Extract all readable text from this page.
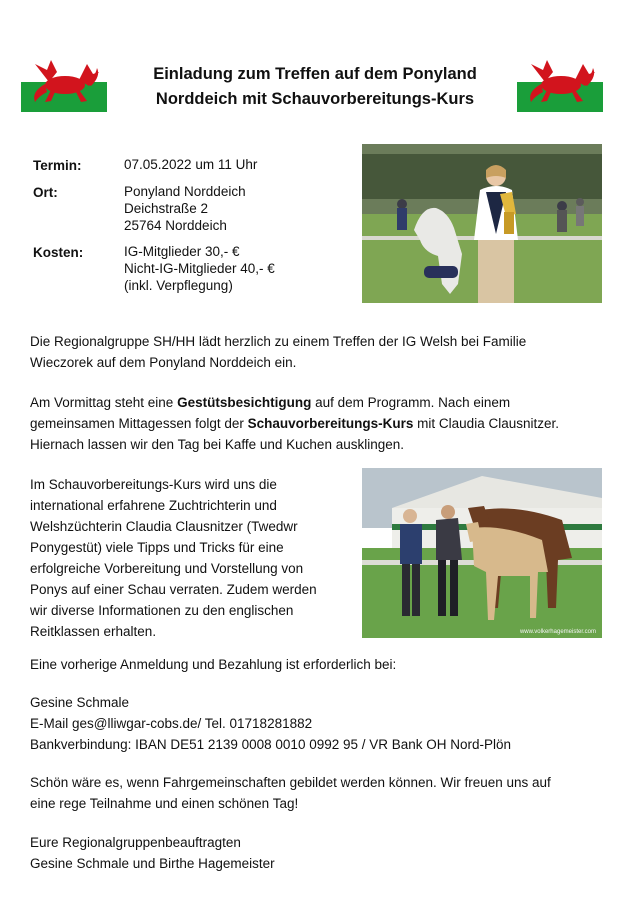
Einladung zum Treffen auf dem Ponyland
Norddeich mit Schauvorbereitungs-Kurs
Termin:	07.05.2022 um 11 Uhr
Ort:	Ponyland Norddeich
Deichstraße 2
25764 Norddeich
Kosten:	IG-Mitglieder 30,- €
Nicht-IG-Mitglieder 40,- €
(inkl. Verpflegung)
Die Regionalgruppe SH/HH lädt herzlich zu einem Treffen der IG Welsh bei Familie
Wieczorek auf dem Ponyland Norddeich ein.
Am Vormittag steht eine Gestütsbesichtigung auf dem Programm. Nach einem
gemeinsamen Mittagessen folgt der Schauvorbereitungs-Kurs mit Claudia Clausnitzer.
Hiernach lassen wir den Tag bei Kaffe und Kuchen ausklingen.
Im Schauvorbereitungs-Kurs wird uns die
international erfahrene Zuchtrichterin und
Welshzüchterin Claudia Clausnitzer (Twedwr
Ponygestüt) viele Tipps und Tricks für eine
erfolgreiche Vorbereitung und Vorstellung von
Ponys auf einer Schau verraten. Zudem werden
wir diverse Informationen zu den englischen
Reitklassen erhalten.	www.volkerhagemeister.com
Eine vorherige Anmeldung und Bezahlung ist erforderlich bei:
Gesine Schmale
E-Mail ges@lliwgar-cobs.de/ Tel. 01718281882
Bankverbindung: IBAN DE51 2139 0008 0010 0992 95 / VR Bank OH Nord-Plön
Schön wäre es, wenn Fahrgemeinschaften gebildet werden können. Wir freuen uns auf
eine rege Teilnahme und einen schönen Tag!
Eure Regionalgruppenbeauftragten
Gesine Schmale und Birthe Hagemeister
